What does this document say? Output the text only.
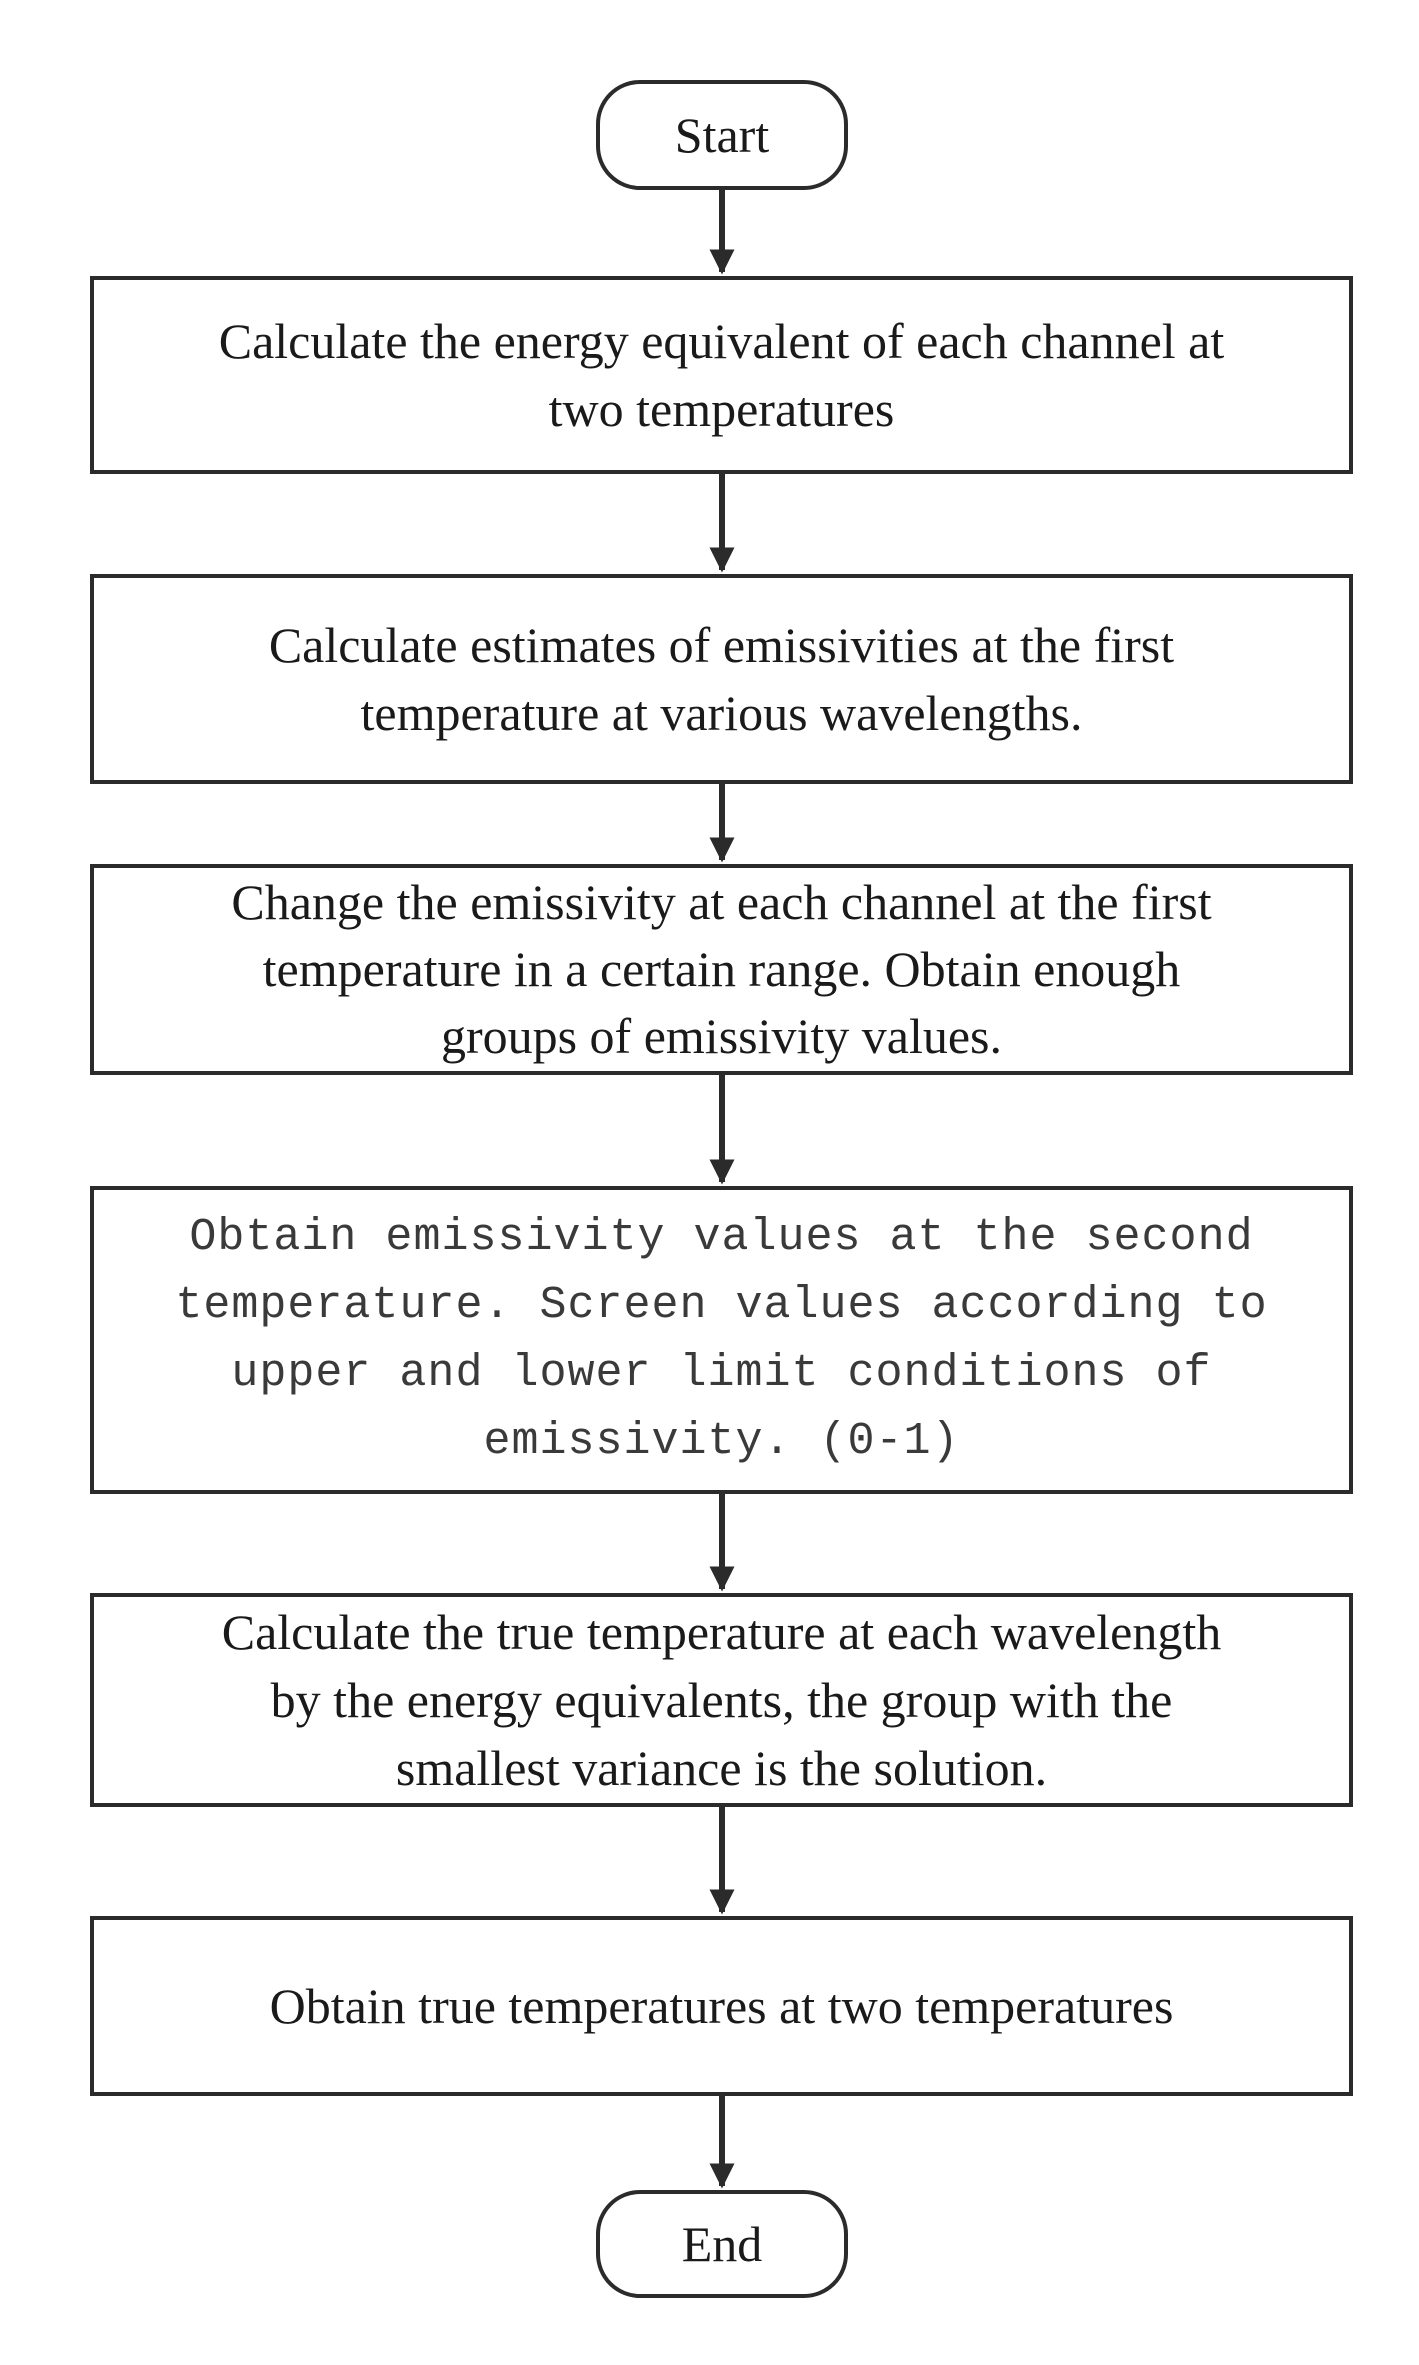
Start
Calculate the energy equivalent of each channel at
two temperatures
Calculate estimates of emissivities at the first
temperature at various wavelengths.
Change the emissivity at each channel at the first
temperature in a certain range. Obtain enough
groups of emissivity values.
Obtain emissivity values at the second
temperature. Screen values according to
upper and lower limit conditions of
emissivity. (0-1)
Calculate the true temperature at each wavelength
by the energy equivalents, the group with the
smallest variance is the solution.
Obtain true temperatures at two temperatures
End
